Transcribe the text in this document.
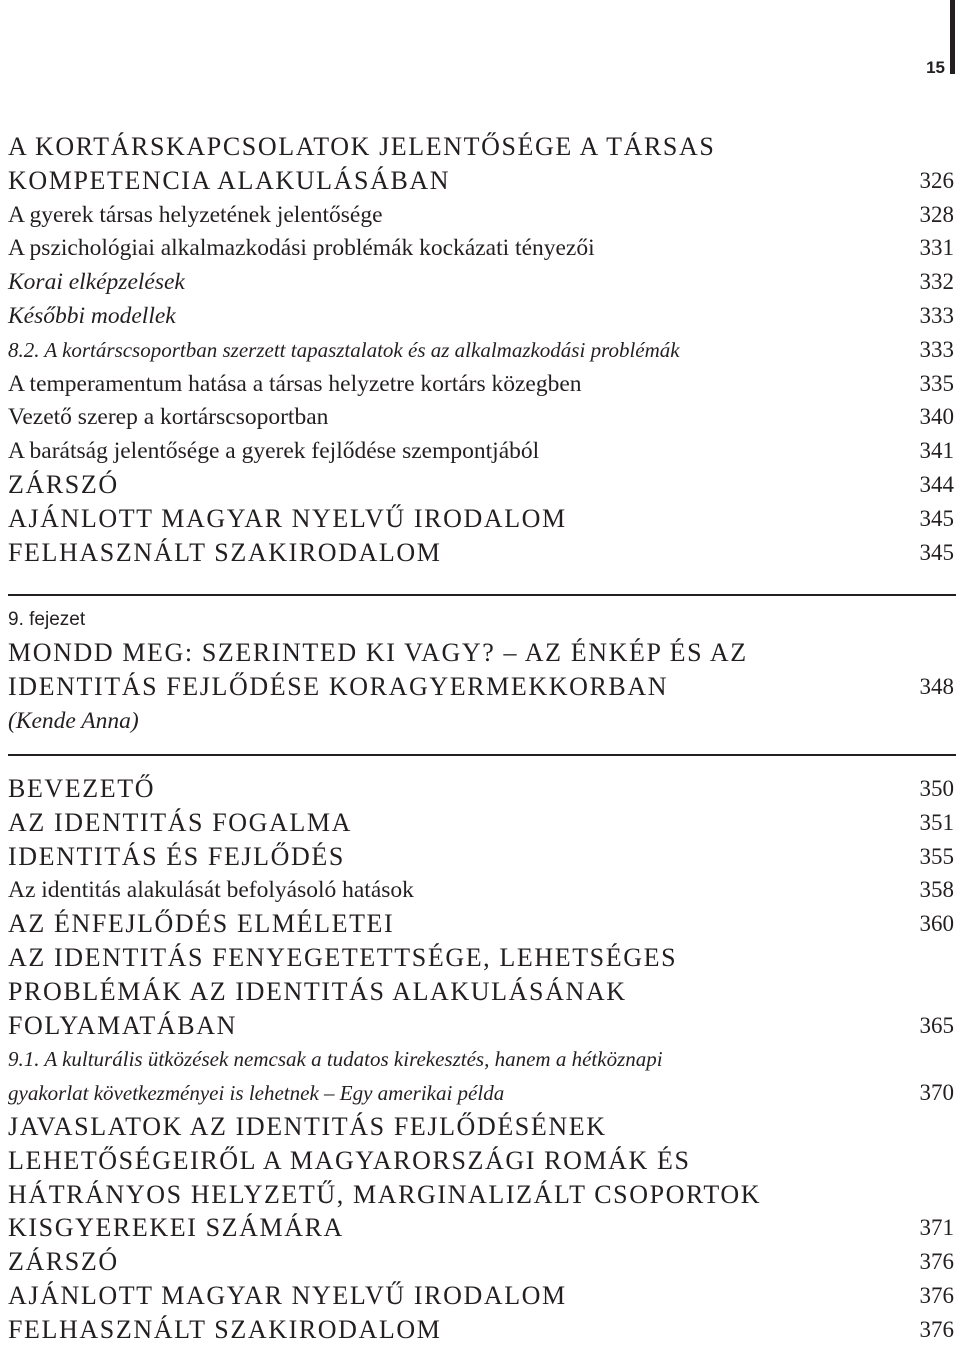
15
9. fejezet
MONDD MEG: SZERINTED KI VAGY? – AZ ÉNKÉP ÉS AZ
IDENTITÁS FEJLŐDÉSE KORAGYERMEKKORBAN	348
(Kende Anna)
A KORTÁRSKAPCSOLATOK JELENTŐSÉGE A TÁRSAS
KOMPETENCIA ALAKULÁSÁBAN	326
A gyerek társas helyzetének jelentősége	328
A pszichológiai alkalmazkodási problémák kockázati tényezői	331
Korai elképzelések	332
Későbbi modellek	333
8.2. A kortárscsoportban szerzett tapasztalatok és az alkalmazkodási problémák	333
A temperamentum hatása a társas helyzetre kortárs közegben	335
Vezető szerep a kortárscsoportban	340
A barátság jelentősége a gyerek fejlődése szempontjából	341
ZÁRSZÓ	344
AJÁNLOTT MAGYAR NYELVŰ IRODALOM	345
FELHASZNÁLT SZAKIRODALOM	345
BEVEZETŐ	350
AZ IDENTITÁS FOGALMA	351
IDENTITÁS ÉS FEJLŐDÉS	355
Az identitás alakulását befolyásoló hatások	358
AZ ÉNFEJLŐDÉS ELMÉLETEI	360
AZ IDENTITÁS FENYEGETETTSÉGE, LEHETSÉGES
PROBLÉMÁK AZ IDENTITÁS ALAKULÁSÁNAK
FOLYAMATÁBAN	365
9.1. A kulturális ütközések nemcsak a tudatos kirekesztés, hanem a hétköznapi
gyakorlat következményei is lehetnek – Egy amerikai példa	370
JAVASLATOK AZ IDENTITÁS FEJLŐDÉSÉNEK
LEHETŐSÉGEIRŐL A MAGYARORSZÁGI ROMÁK ÉS
HÁTRÁNYOS HELYZETŰ, MARGINALIZÁLT CSOPORTOK
KISGYEREKEI SZÁMÁRA	371
ZÁRSZÓ	376
AJÁNLOTT MAGYAR NYELVŰ IRODALOM	376
FELHASZNÁLT SZAKIRODALOM	376
